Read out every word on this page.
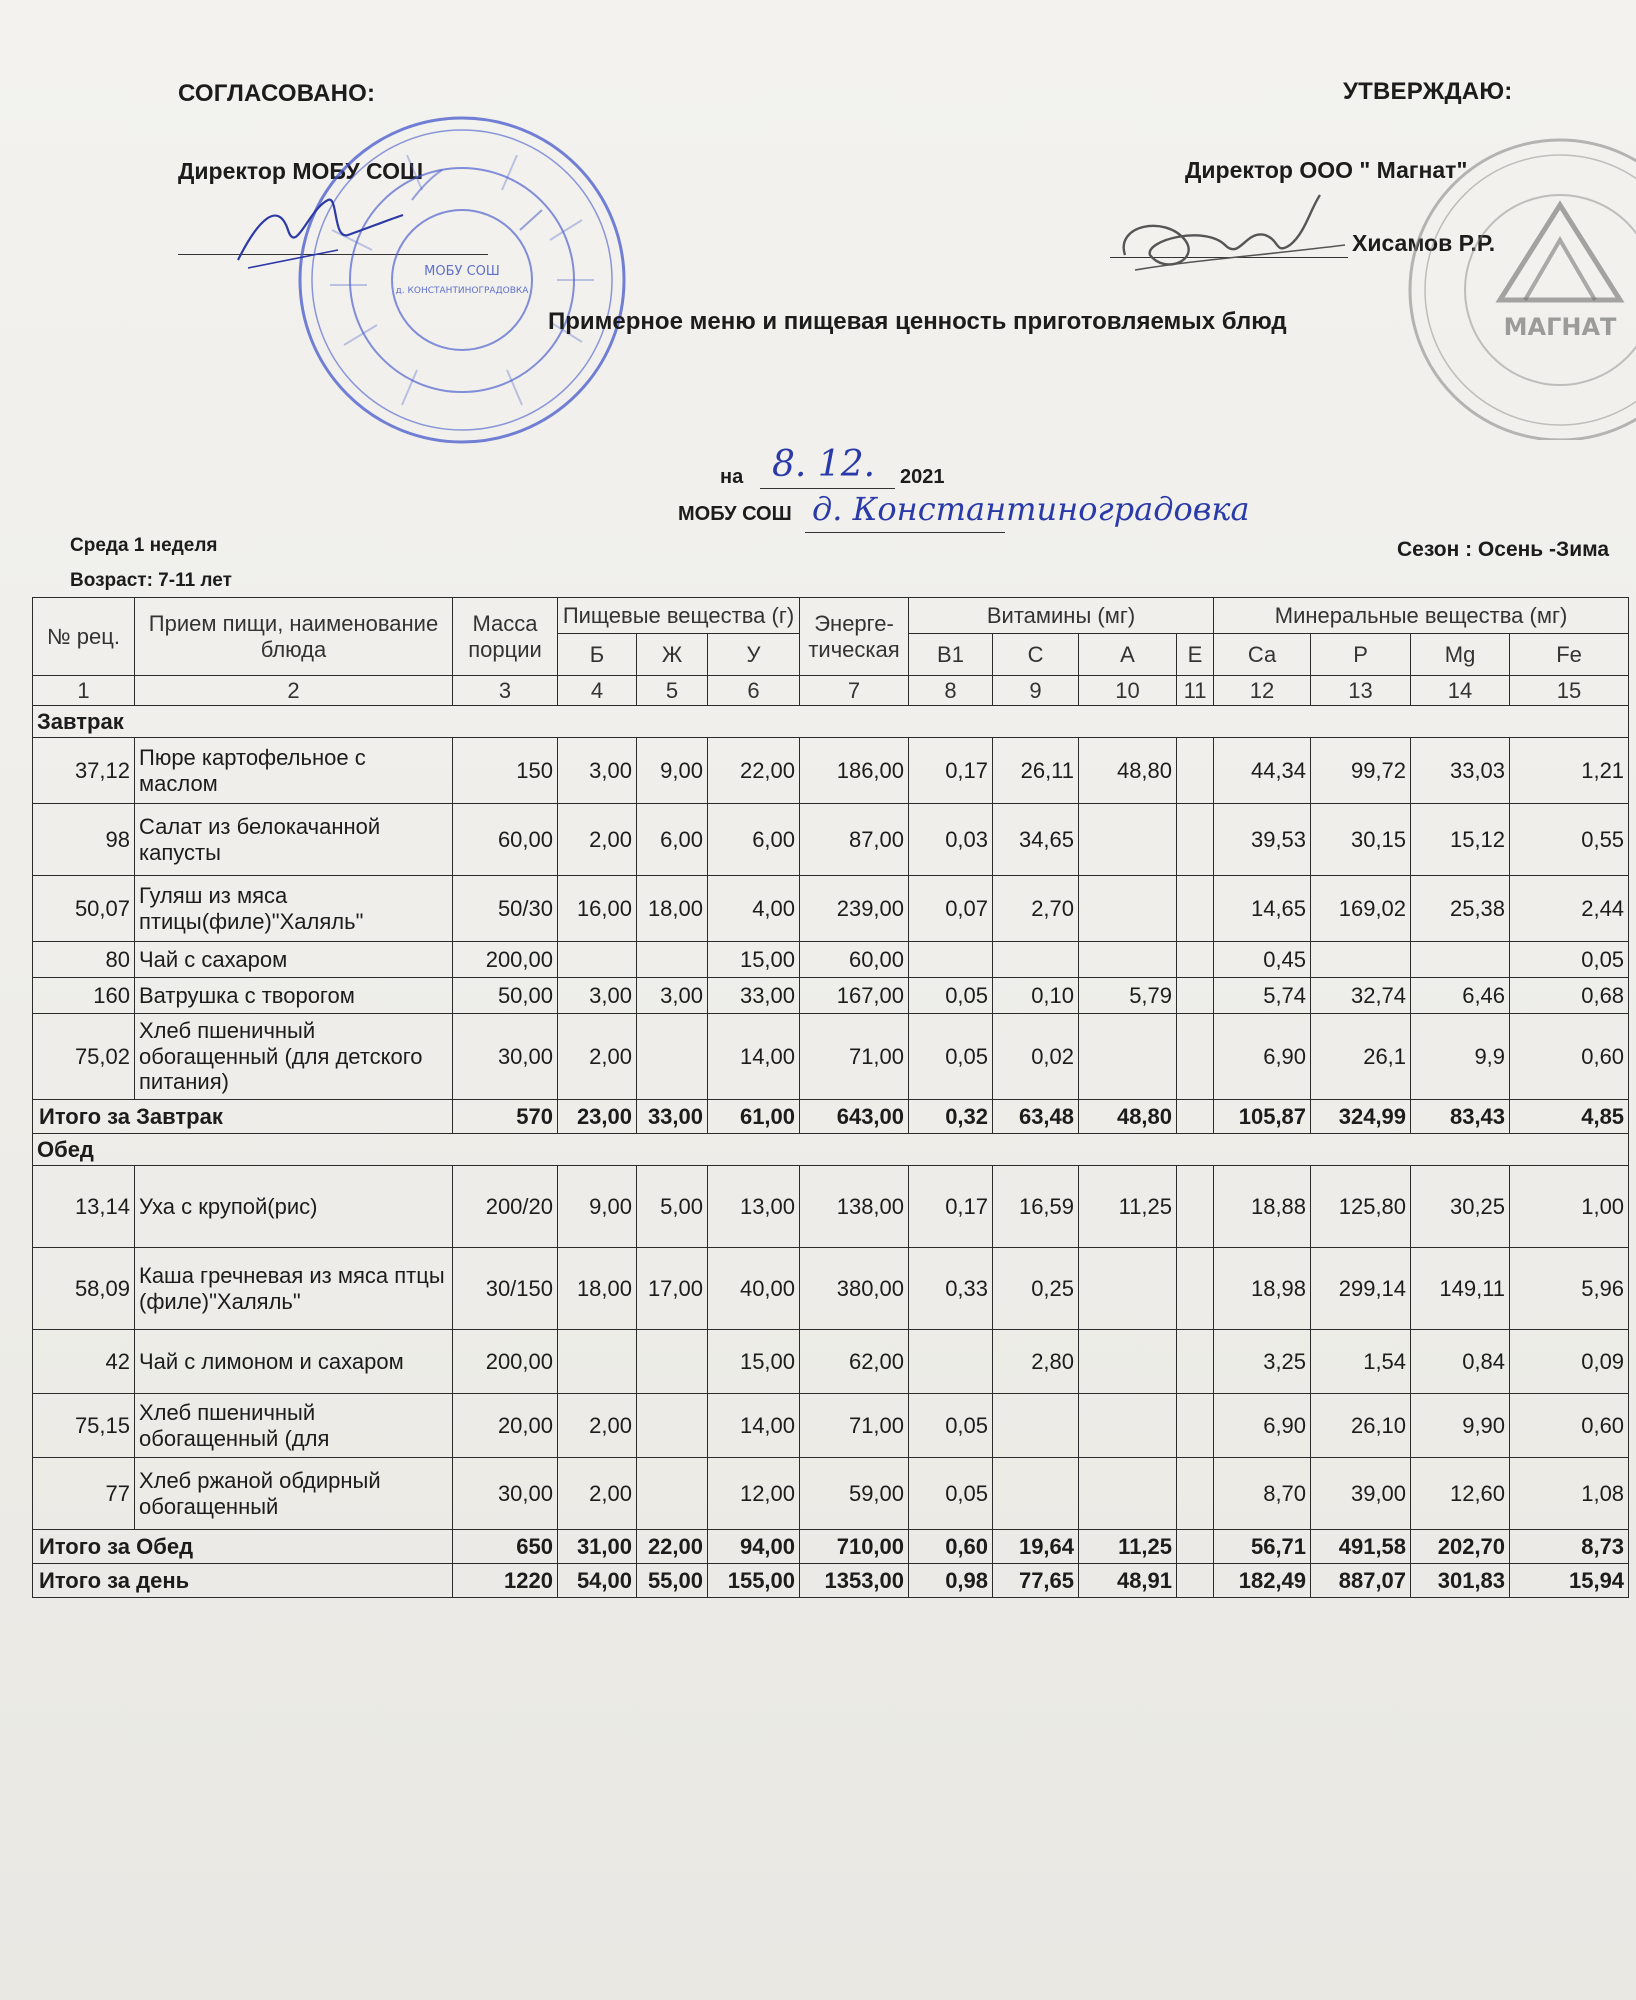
СОГЛАСОВАНО:
Директор МОБУ СОШ
УТВЕРЖДАЮ:
Директор ООО " Магнат"
Хисамов Р.Р.
МОБУ СОШ
д. КОНСТАНТИНОГРАДОВКА
МАГНАТ
Примерное меню и пищевая ценность приготовляемых блюд
на 8. 12. 2021
МОБУ СОШ д. Константиноградовка
Среда 1 неделя	Сезон : Осень -Зима
Возраст: 7-11 лет
№ рец.	Прием пищи, наименование блюда	Масса порции	Пищевые вещества (г)			Энерге-тическая	Витамины (мг)				Минеральные вещества (мг)			
			Б	Ж	У		В1	С	А	Е	Са	Р	Mg	Fe
1	2	3	4	5	6	7	8	9	10	11	12	13	14	15
Завтрак														
37,12	Пюре картофельное с маслом	150	3,00	9,00	22,00	186,00	0,17	26,11	48,80		44,34	99,72	33,03	1,21
98	Салат из белокачанной капусты	60,00	2,00	6,00	6,00	87,00	0,03	34,65			39,53	30,15	15,12	0,55
50,07	Гуляш из мяса птицы(филе)"Халяль"	50/30	16,00	18,00	4,00	239,00	0,07	2,70			14,65	169,02	25,38	2,44
80	Чай с сахаром	200,00			15,00	60,00					0,45			0,05
160	Ватрушка с творогом	50,00	3,00	3,00	33,00	167,00	0,05	0,10	5,79		5,74	32,74	6,46	0,68
75,02	Хлеб пшеничный обогащенный (для детского питания)	30,00	2,00		14,00	71,00	0,05	0,02			6,90	26,1	9,9	0,60
Итого за Завтрак		570	23,00	33,00	61,00	643,00	0,32	63,48	48,80		105,87	324,99	83,43	4,85
Обед														
13,14	Уха с крупой(рис)	200/20	9,00	5,00	13,00	138,00	0,17	16,59	11,25		18,88	125,80	30,25	1,00
58,09	Каша гречневая из мяса птцы (филе)"Халяль"	30/150	18,00	17,00	40,00	380,00	0,33	0,25			18,98	299,14	149,11	5,96
42	Чай с лимоном и сахаром	200,00			15,00	62,00		2,80			3,25	1,54	0,84	0,09
75,15	Хлеб пшеничный обогащенный (для	20,00	2,00		14,00	71,00	0,05				6,90	26,10	9,90	0,60
77	Хлеб ржаной обдирный обогащенный	30,00	2,00		12,00	59,00	0,05				8,70	39,00	12,60	1,08
Итого за Обед		650	31,00	22,00	94,00	710,00	0,60	19,64	11,25		56,71	491,58	202,70	8,73
Итого за день		1220	54,00	55,00	155,00	1353,00	0,98	77,65	48,91		182,49	887,07	301,83	15,94
